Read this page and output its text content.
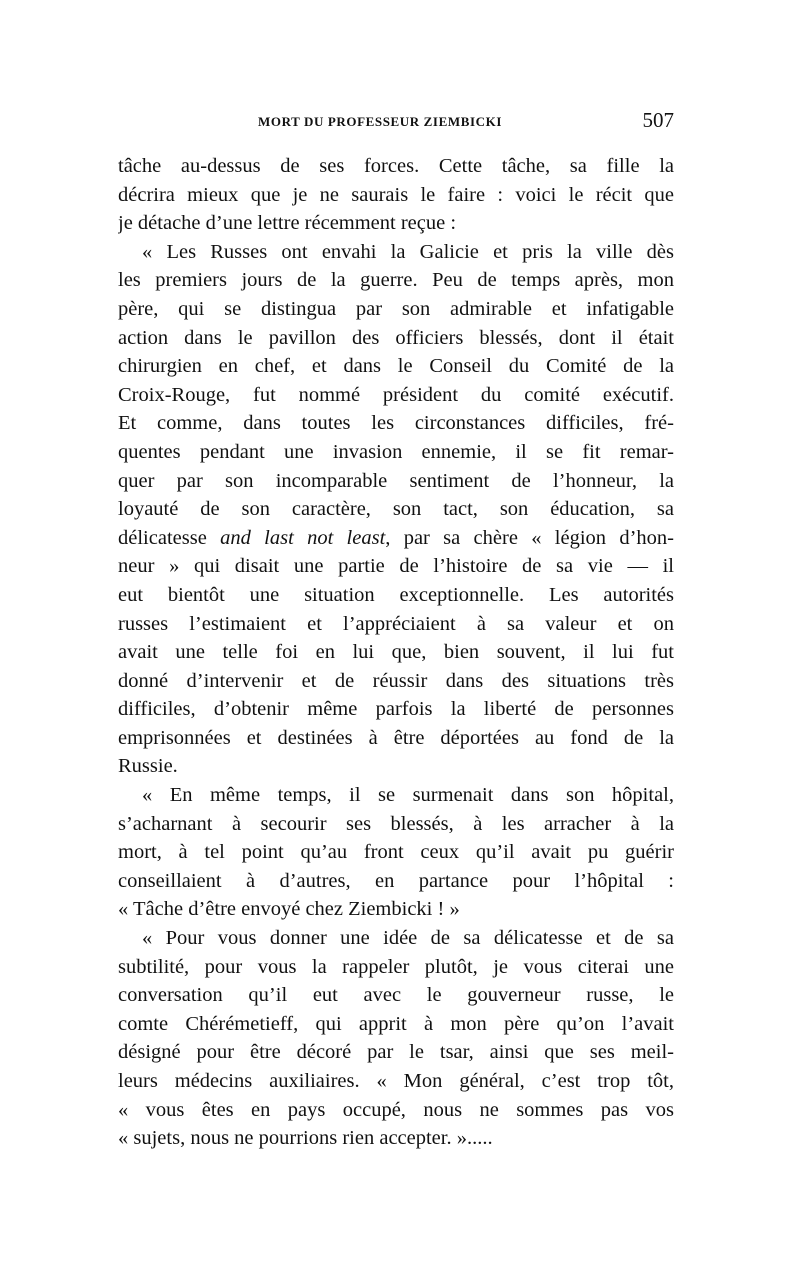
MORT DU PROFESSEUR ZIEMBICKI	507
tâche au-dessus de ses forces. Cette tâche, sa fille la
décrira mieux que je ne saurais le faire : voici le récit que
je détache d’une lettre récemment reçue :
« Les Russes ont envahi la Galicie et pris la ville dès
les premiers jours de la guerre. Peu de temps après, mon
père, qui se distingua par son admirable et infatigable
action dans le pavillon des officiers blessés, dont il était
chirurgien en chef, et dans le Conseil du Comité de la
Croix-Rouge, fut nommé président du comité exécutif.
Et comme, dans toutes les circonstances difficiles, fré-
quentes pendant une invasion ennemie, il se fit remar-
quer par son incomparable sentiment de l’honneur, la
loyauté de son caractère, son tact, son éducation, sa
délicatesse and last not least, par sa chère « légion d’hon-
neur » qui disait une partie de l’histoire de sa vie — il
eut bientôt une situation exceptionnelle. Les autorités
russes l’estimaient et l’appréciaient à sa valeur et on
avait une telle foi en lui que, bien souvent, il lui fut
donné d’intervenir et de réussir dans des situations très
difficiles, d’obtenir même parfois la liberté de personnes
emprisonnées et destinées à être déportées au fond de la
Russie.
« En même temps, il se surmenait dans son hôpital,
s’acharnant à secourir ses blessés, à les arracher à la
mort, à tel point qu’au front ceux qu’il avait pu guérir
conseillaient à d’autres, en partance pour l’hôpital :
« Tâche d’être envoyé chez Ziembicki ! »
« Pour vous donner une idée de sa délicatesse et de sa
subtilité, pour vous la rappeler plutôt, je vous citerai une
conversation qu’il eut avec le gouverneur russe, le
comte Chérémetieff, qui apprit à mon père qu’on l’avait
désigné pour être décoré par le tsar, ainsi que ses meil-
leurs médecins auxiliaires. « Mon général, c’est trop tôt,
« vous êtes en pays occupé, nous ne sommes pas vos
« sujets, nous ne pourrions rien accepter. ».....
